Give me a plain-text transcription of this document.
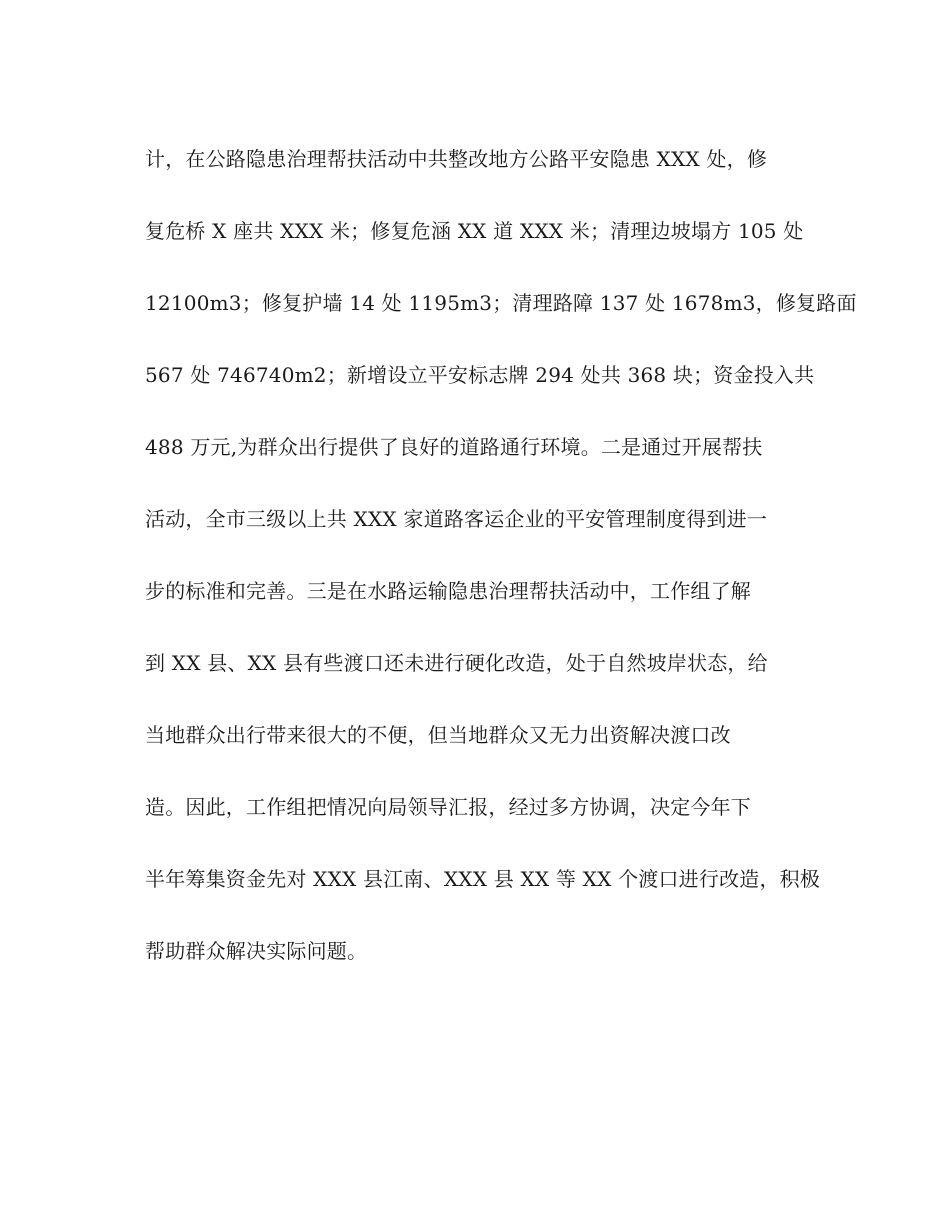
计，在公路隐患治理帮扶活动中共整改地方公路平安隐患 XXX 处，修
复危桥 X 座共 XXX 米；修复危涵 XX 道 XXX 米；清理边坡塌方 105 处
12100m3；修复护墙 14 处 1195m3；清理路障 137 处 1678m3，修复路面
567 处 746740m2；新增设立平安标志牌 294 处共 368 块；资金投入共
488 万元,为群众出行提供了良好的道路通行环境。二是通过开展帮扶
活动，全市三级以上共 XXX 家道路客运企业的平安管理制度得到进一
步的标准和完善。三是在水路运输隐患治理帮扶活动中，工作组了解
到 XX 县、XX 县有些渡口还未进行硬化改造，处于自然坡岸状态，给
当地群众出行带来很大的不便，但当地群众又无力出资解决渡口改
造。因此，工作组把情况向局领导汇报，经过多方协调，决定今年下
半年筹集资金先对 XXX 县江南、XXX 县 XX 等 XX 个渡口进行改造，积极
帮助群众解决实际问题。
